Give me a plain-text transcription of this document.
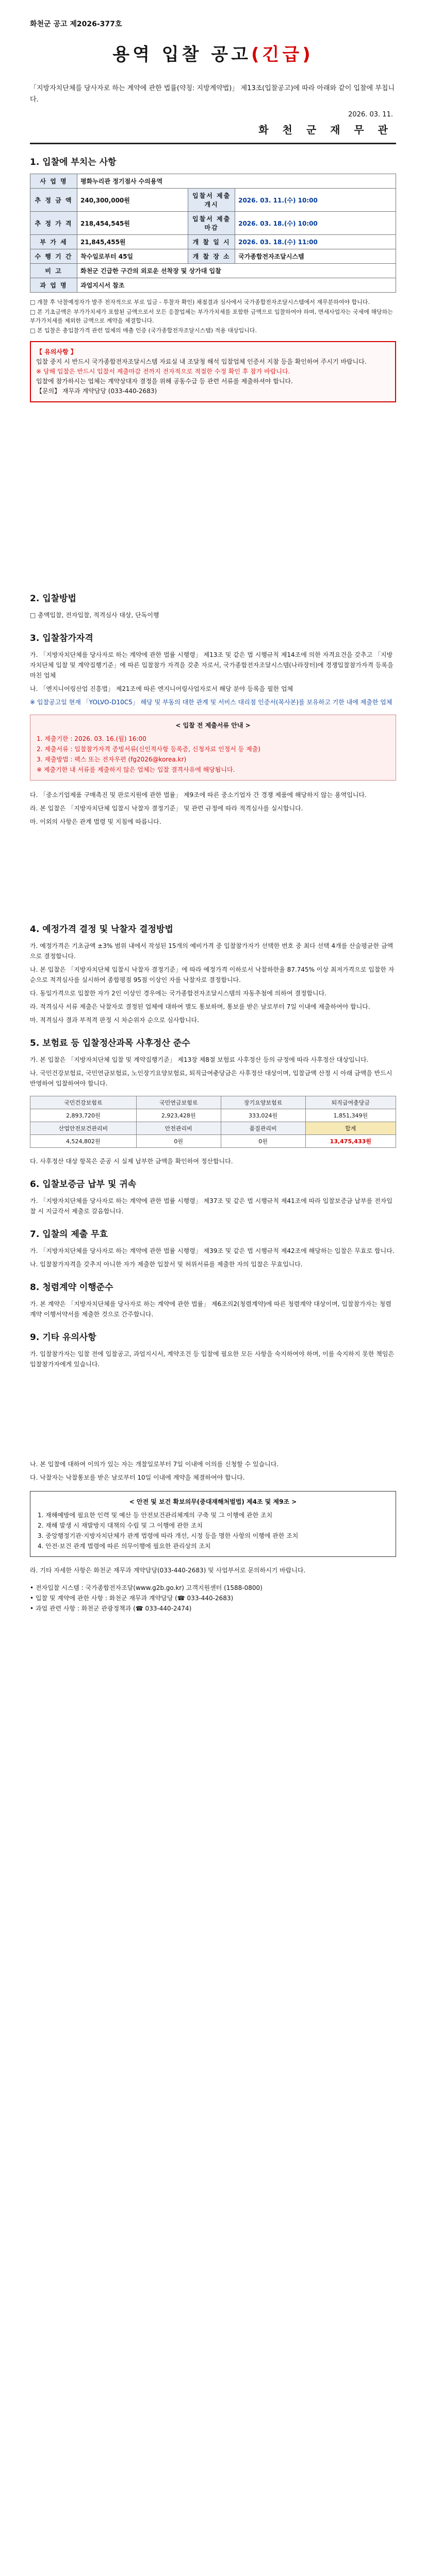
화천군 공고 제2026-377호
용역 입찰 공고(긴급)
「지방자치단체를 당사자로 하는 계약에 관한 법률(약칭: 지방계약법)」 제13조(입찰공고)에 따라 아래와 같이 입찰에 부칩니다.
2026. 03. 11.
화 천 군 재 무 관
1. 입찰에 부치는 사항
사 업 명	평화누리관 정기점사 수의용역		
추 정 금 액	240,300,000원	입찰서 제출 개시	2026. 03. 11.(수) 10:00
추 정 가 격	218,454,545원	입찰서 제출 마감	2026. 03. 18.(수) 10:00
부 가 세	21,845,455원	개 찰 일 시	2026. 03. 18.(수) 11:00
수 행 기 간	착수일로부터 45일	개 찰 장 소	국가종합전자조달시스템
비 고	화천군 긴급한 구간의 외로운 선착장 및 상가대 입찰		
과 업 명	과업지시서 참조		

□ 개찰 후 낙찰예정자가 발주 전자적으로 부로 입금 - 투찰자 확인) 채점결과 심사에서 국가종합전자조달시스템에서 재무분하여야 합니다.

□ 본 기초금액은 부가가치세가 포함된 금액으로서 모든 응찰업체는 부가가치세를 포함한 금액으로 입찰하여야 하며, 면세사업자는 국세에 해당하는 부가가치세를 제외한 금액으로 계약을 체결합니다.

□ 본 입찰은 총입찰가격 관련 업체의 매출 인증 (국가종합전자조달시스템) 적용 대상입니다.

【 유의사항 】
입찰 중지 시 반드시 국가종합전자조달시스템 자료실 내 조달청 해석 입찰업체 인증서 지참 등을 확인하여 주시기 바랍니다.
※ 당해 입찰은 반드시 입찰서 제출마감 전까지 전자적으로 적절한 수정 확인 후 참가 바랍니다.
입찰에 참가하시는 업체는 계약상대자 결정을 위해 공동수급 등 관련 서류를 제출하셔야 합니다.
【문의】 재무과 계약담당 (033-440-2683)
2. 입찰방법

□ 총액입찰, 전자입찰, 적격심사 대상, 단독이행

3. 입찰참가자격

가. 「지방자치단체를 당사자로 하는 계약에 관한 법률 시행령」 제13조 및 같은 법 시행규칙 제14조에 의한 자격요건을 갖추고 「지방자치단체 입찰 및 계약집행기준」에 따른 입찰참가 자격을 갖춘 자로서, 국가종합전자조달시스템(나라장터)에 경쟁입찰참가자격 등록을 마친 업체

나. 「엔지니어링산업 진흥법」 제21조에 따른 엔지니어링사업자로서 해당 분야 등록을 필한 업체

※ 입찰공고일 현재 「YOLVO-D10C5」 해당 및 부동의 대한 관계 및 서비스 대리점 인증서(복사본)를 보유하고 기한 내에 제출한 업체

< 입찰 전 제출서류 안내 >
1. 제출기한 : 2026. 03. 16.(월) 16:00
2. 제출서류 : 입찰참가자격 증빙서류(신인적사항 등록증, 신청자료 인정서 등 제출)
3. 제출방법 : 팩스 또는 전자우편 (fg2026@korea.kr)
※ 제출기한 내 서류를 제출하지 않은 업체는 입찰 결격사유에 해당됩니다.

다. 「중소기업제품 구매촉진 및 판로지원에 관한 법률」 제9조에 따른 중소기업자 간 경쟁 제품에 해당하지 않는 용역입니다.

라. 본 입찰은 「지방자치단체 입찰시 낙찰자 결정기준」 및 관련 규정에 따라 적격심사를 실시합니다.

마. 이외의 사항은 관계 법령 및 지침에 따릅니다.

4. 예정가격 결정 및 낙찰자 결정방법

가. 예정가격은 기초금액 ±3% 범위 내에서 작성된 15개의 예비가격 중 입찰참가자가 선택한 번호 중 최다 선택 4개를 산술평균한 금액으로 결정합니다.

나. 본 입찰은 「지방자치단체 입찰시 낙찰자 결정기준」에 따라 예정가격 이하로서 낙찰하한율 87.745% 이상 최저가격으로 입찰한 자 순으로 적격심사를 실시하여 종합평점 95점 이상인 자를 낙찰자로 결정합니다.

다. 동일가격으로 입찰한 자가 2인 이상인 경우에는 국가종합전자조달시스템의 자동추첨에 의하여 결정합니다.

라. 적격심사 서류 제출은 낙찰자로 결정된 업체에 대하여 별도 통보하며, 통보를 받은 날로부터 7일 이내에 제출하여야 합니다.

마. 적격심사 결과 부적격 판정 시 차순위자 순으로 심사합니다.

5. 보험료 등 입찰정산과목 사후정산 준수

가. 본 입찰은 「지방자치단체 입찰 및 계약집행기준」 제13장 제8절 보험료 사후정산 등의 규정에 따라 사후정산 대상입니다.

나. 국민건강보험료, 국민연금보험료, 노인장기요양보험료, 퇴직급여충당금은 사후정산 대상이며, 입찰금액 산정 시 아래 금액을 반드시 반영하여 입찰하여야 합니다.

국민건강보험료	국민연금보험료	장기요양보험료	퇴직급여충당금
2,893,720원	2,923,428원	333,024원	1,851,349원
산업안전보건관리비	안전관리비	품질관리비	합계
4,524,802원	0원	0원	13,475,433원

다. 사후정산 대상 항목은 준공 시 실제 납부한 금액을 확인하여 정산합니다.

6. 입찰보증금 납부 및 귀속

가. 「지방자치단체를 당사자로 하는 계약에 관한 법률 시행령」 제37조 및 같은 법 시행규칙 제41조에 따라 입찰보증금 납부를 전자입찰 시 지급각서 제출로 갈음합니다.

7. 입찰의 제출 무효

가. 「지방자치단체를 당사자로 하는 계약에 관한 법률 시행령」 제39조 및 같은 법 시행규칙 제42조에 해당하는 입찰은 무효로 합니다.

나. 입찰참가자격을 갖추지 아니한 자가 제출한 입찰서 및 허위서류를 제출한 자의 입찰은 무효입니다.

8. 청렴계약 이행준수

가. 본 계약은 「지방자치단체를 당사자로 하는 계약에 관한 법률」 제6조의2(청렴계약)에 따른 청렴계약 대상이며, 입찰참가자는 청렴계약 이행서약서를 제출한 것으로 간주합니다.

9. 기타 유의사항

가. 입찰참가자는 입찰 전에 입찰공고, 과업지시서, 계약조건 등 입찰에 필요한 모든 사항을 숙지하여야 하며, 이를 숙지하지 못한 책임은 입찰참가자에게 있습니다.

나. 본 입찰에 대하여 이의가 있는 자는 개찰일로부터 7일 이내에 이의를 신청할 수 있습니다.

다. 낙찰자는 낙찰통보를 받은 날로부터 10일 이내에 계약을 체결하여야 합니다.

< 안전 및 보건 확보의무(중대재해처벌법) 제4조 및 제9조 >
1. 재해예방에 필요한 인력 및 예산 등 안전보건관리체계의 구축 및 그 이행에 관한 조치
2. 재해 발생 시 재발방지 대책의 수립 및 그 이행에 관한 조치
3. 중앙행정기관·지방자치단체가 관계 법령에 따라 개선, 시정 등을 명한 사항의 이행에 관한 조치
4. 안전·보건 관계 법령에 따른 의무이행에 필요한 관리상의 조치

라. 기타 자세한 사항은 화천군 재무과 계약담당(033-440-2683) 및 사업부서로 문의하시기 바랍니다.

• 전자입찰 시스템 : 국가종합전자조달(www.g2b.go.kr) 고객지원센터 (1588-0800)
• 입찰 및 계약에 관한 사항 : 화천군 재무과 계약담당 (☎ 033-440-2683)
• 과업 관련 사항 : 화천군 관광정책과 (☎ 033-440-2474)
